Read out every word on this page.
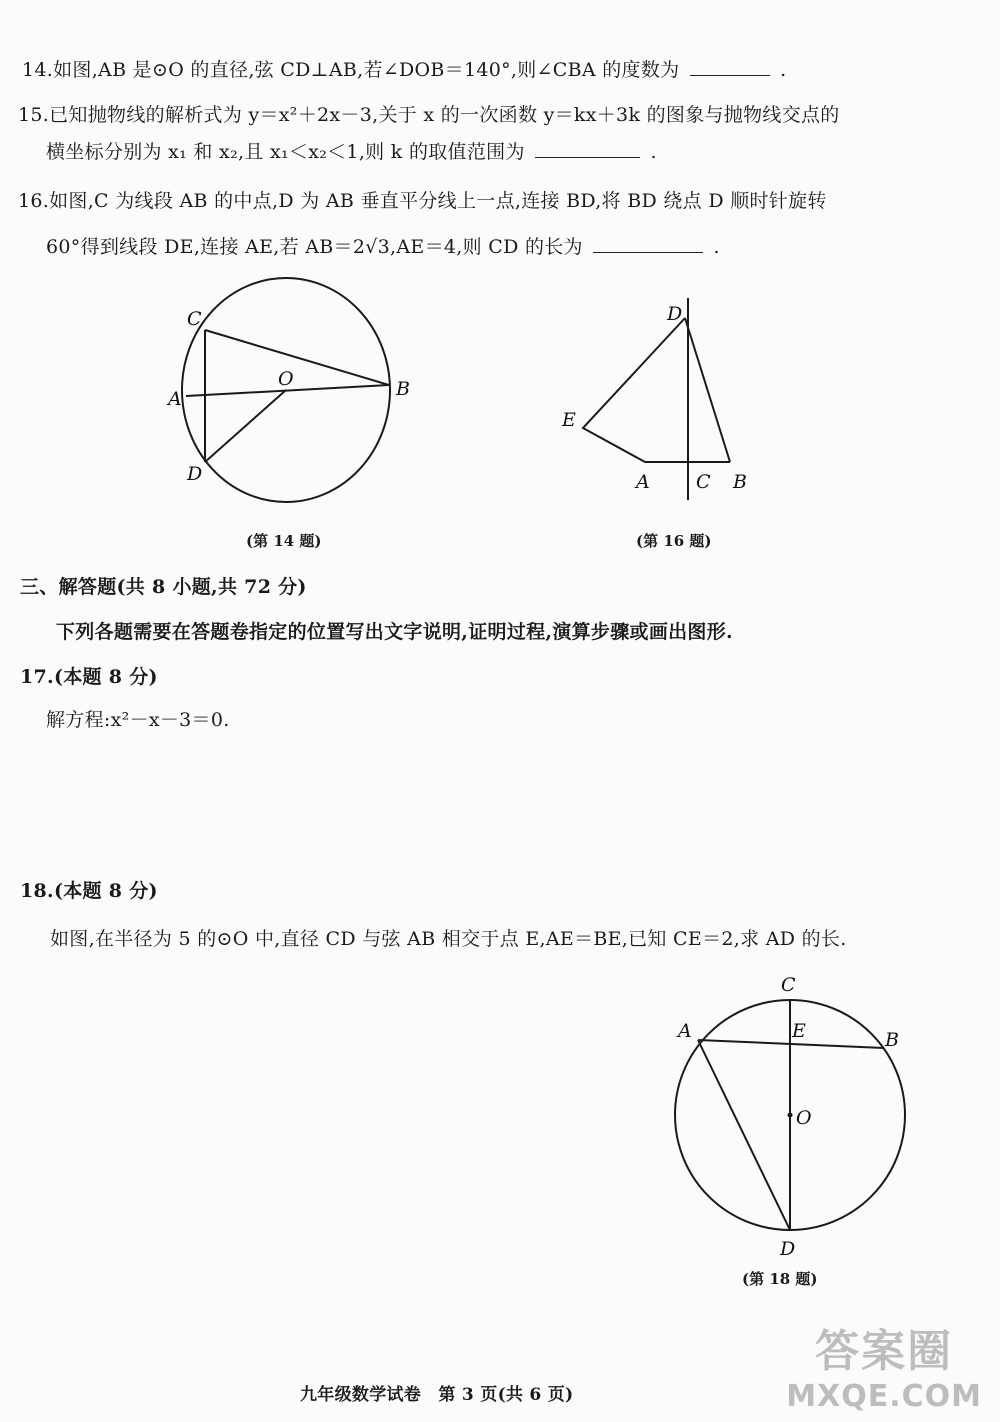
14.如图,AB 是⊙O 的直径,弦 CD⊥AB,若∠DOB＝140°,则∠CBA 的度数为	.
15.已知抛物线的解析式为 y＝x²＋2x－3,关于 x 的一次函数 y＝kx＋3k 的图象与抛物线交点的
横坐标分别为 x₁ 和 x₂,且 x₁＜x₂＜1,则 k 的取值范围为	.
16.如图,C 为线段 AB 的中点,D 为 AB 垂直平分线上一点,连接 BD,将 BD 绕点 D 顺时针旋转
60°得到线段 DE,连接 AE,若 AB＝2√3,AE＝4,则 CD 的长为	.
C
A
O	B
D
D
E
A C B
C
A	E	B
O
D
(第 14 题)	(第 16 题)
三、解答题(共 8 小题,共 72 分)
下列各题需要在答题卷指定的位置写出文字说明,证明过程,演算步骤或画出图形.
17.(本题 8 分)
解方程:x²－x－3＝0.
18.(本题 8 分)
如图,在半径为 5 的⊙O 中,直径 CD 与弦 AB 相交于点 E,AE＝BE,已知 CE＝2,求 AD 的长.
(第 18 题)
九年级数学试卷　第 3 页(共 6 页)
答案圈
MXQE.COM
